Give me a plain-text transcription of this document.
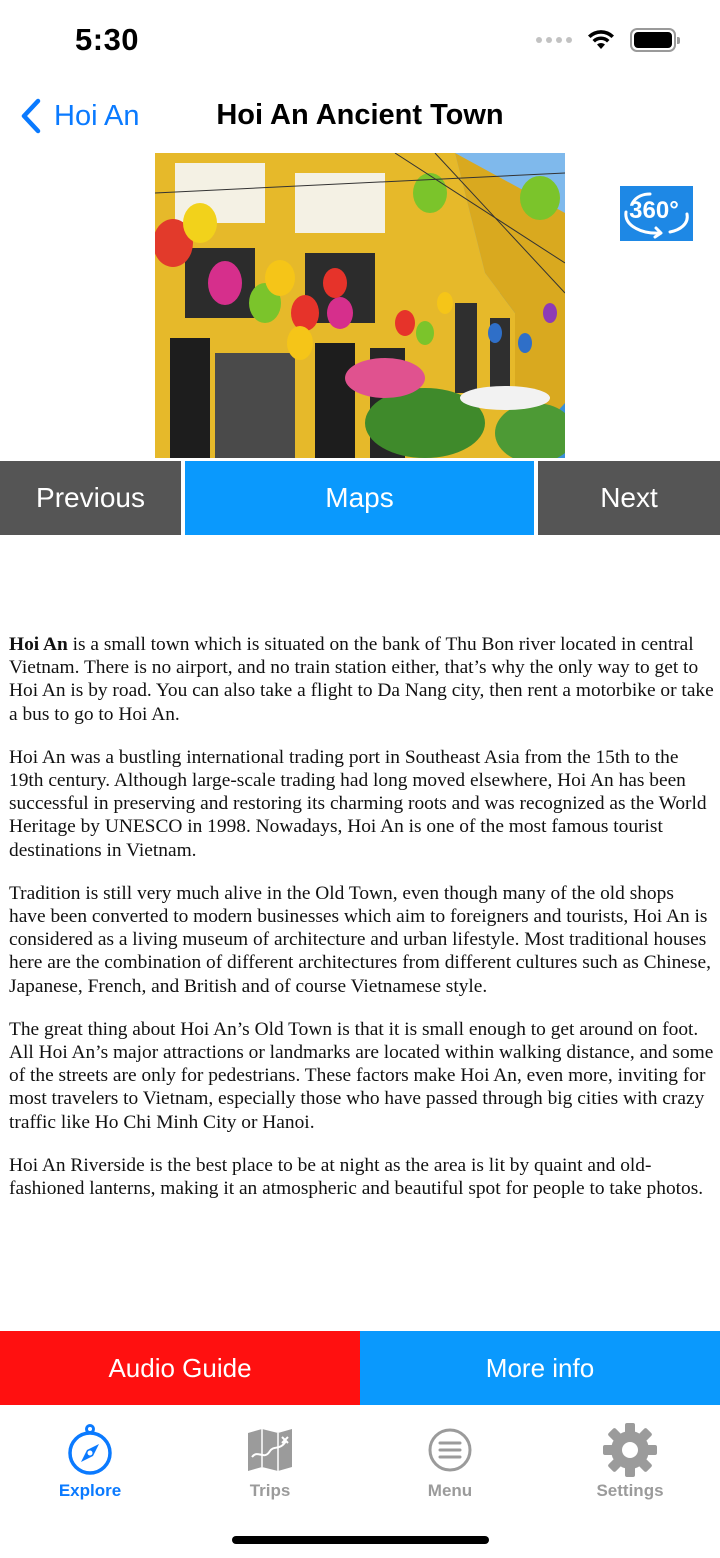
5:30
Hoi An	Hoi An Ancient Town
360°
Previous	Maps	Next

Hoi An is a small town which is situated on the bank of Thu Bon river located in central Vietnam. There is no airport, and no train station either, that’s why the only way to get to Hoi An is by road. You can also take a flight to Da Nang city, then rent a motorbike or take a bus to go to Hoi An.

Hoi An was a bustling international trading port in Southeast Asia from the 15th to the 19th century. Although large-scale trading had long moved elsewhere, Hoi An has been successful in preserving and restoring its charming roots and was recognized as the World Heritage by UNESCO in 1998. Nowadays, Hoi An is one of the most famous tourist destinations in Vietnam.

Tradition is still very much alive in the Old Town, even though many of the old shops have been converted to modern businesses which aim to foreigners and tourists, Hoi An is considered as a living museum of architecture and urban lifestyle. Most traditional houses here are the combination of different architectures from different cultures such as Chinese, Japanese, French, and British and of course Vietnamese style.

The great thing about Hoi An’s Old Town is that it is small enough to get around on foot. All Hoi An’s major attractions or landmarks are located within walking distance, and some of the streets are only for pedestrians. These factors make Hoi An, even more, inviting for most travelers to Vietnam, especially those who have passed through big cities with crazy traffic like Ho Chi Minh City or Hanoi.

Hoi An Riverside is the best place to be at night as the area is lit by quaint and old-fashioned lanterns, making it an atmospheric and beautiful spot for people to take photos.

Audio Guide	More info
Explore	Trips	Menu	Settings
